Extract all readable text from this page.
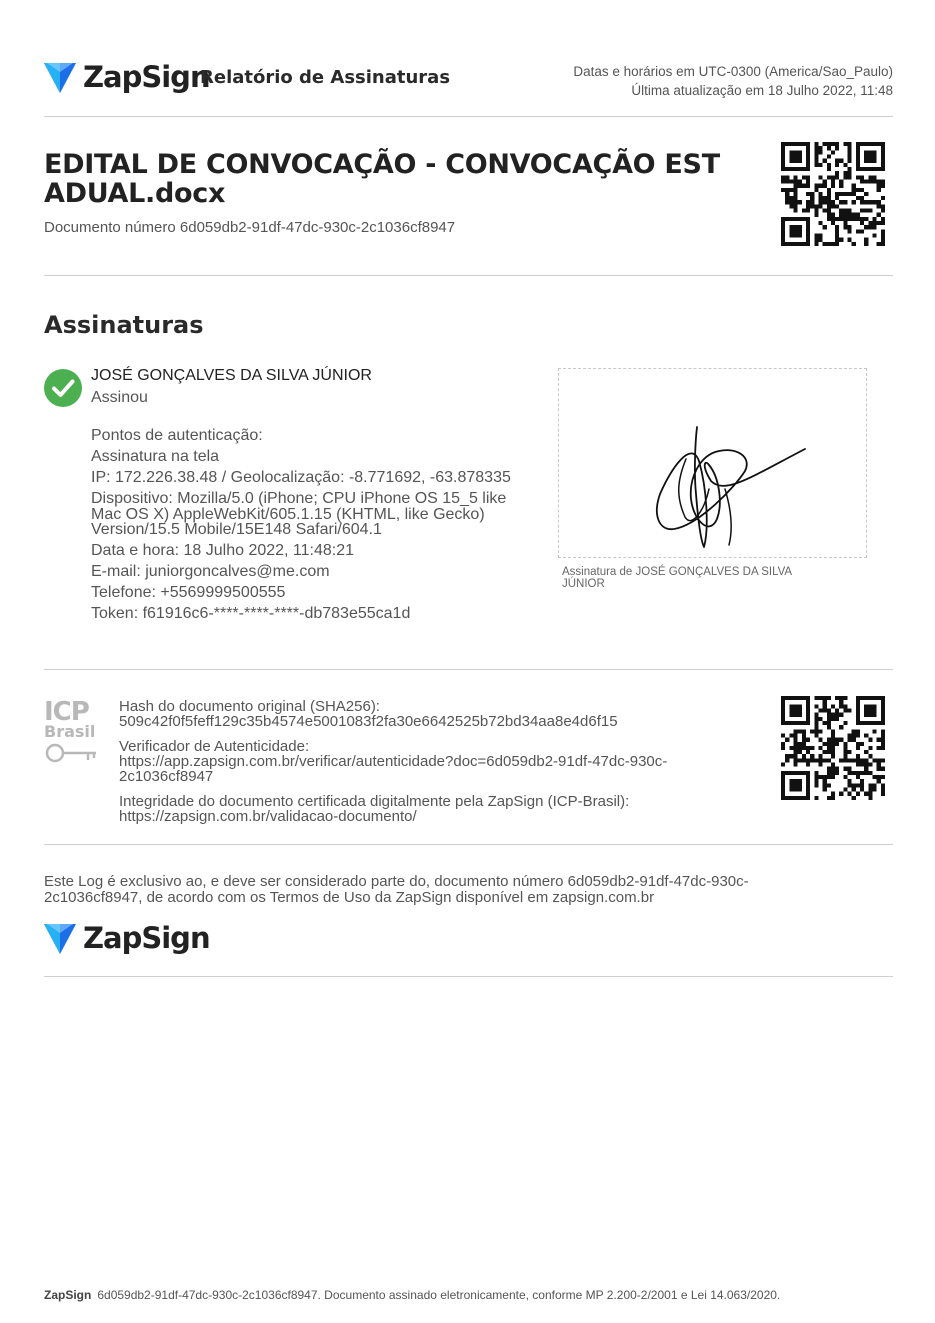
ZapSign
Relatório de Assinaturas	Datas e horários em UTC-0300 (America/Sao_Paulo)
Última atualização em 18 Julho 2022, 11:48
EDITAL DE CONVOCAÇÃO - CONVOCAÇÃO EST
ADUAL.docx
Documento número 6d059db2-91df-47dc-930c-2c1036cf8947
Assinaturas
JOSÉ GONÇALVES DA SILVA JÚNIOR
Assinou
Pontos de autenticação:
Assinatura na tela
IP: 172.226.38.48 / Geolocalização: -8.771692, -63.878335
Dispositivo: Mozilla/5.0 (iPhone; CPU iPhone OS 15_5 like
Mac OS X) AppleWebKit/605.1.15 (KHTML, like Gecko)
Version/15.5 Mobile/15E148 Safari/604.1
Data e hora: 18 Julho 2022, 11:48:21
E-mail: juniorgoncalves@me.com
Telefone: +5569999500555
Token: f61916c6-****-****-****-db783e55ca1d
Assinatura de JOSÉ GONÇALVES DA SILVA
JÚNIOR
ICP
Brasil
Hash do documento original (SHA256):
509c42f0f5feff129c35b4574e5001083f2fa30e6642525b72bd34aa8e4d6f15
Verificador de Autenticidade:
https://app.zapsign.com.br/verificar/autenticidade?doc=6d059db2-91df-47dc-930c-
2c1036cf8947
Integridade do documento certificada digitalmente pela ZapSign (ICP-Brasil):
https://zapsign.com.br/validacao-documento/
Este Log é exclusivo ao, e deve ser considerado parte do, documento número 6d059db2-91df-47dc-930c-
2c1036cf8947, de acordo com os Termos de Uso da ZapSign disponível em zapsign.com.br
ZapSign
ZapSign 6d059db2-91df-47dc-930c-2c1036cf8947. Documento assinado eletronicamente, conforme MP 2.200-2/2001 e Lei 14.063/2020.
